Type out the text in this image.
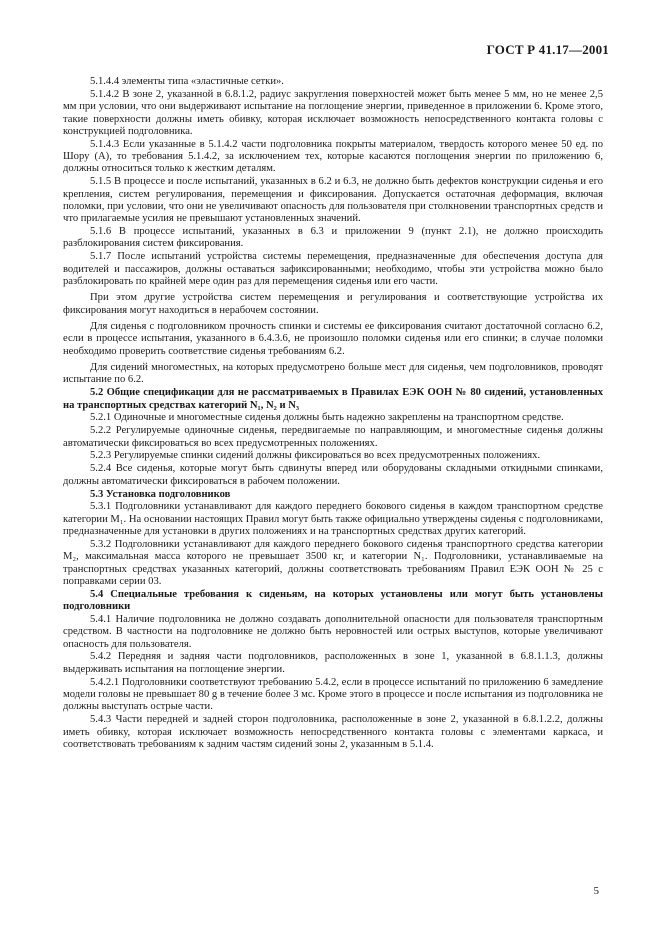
ГОСТ Р 41.17—2001

5.1.4.4 элементы типа «эластичные сетки».

5.1.4.2 В зоне 2, указанной в 6.8.1.2, радиус закругления поверхностей может быть менее 5 мм, но не менее 2,5 мм при условии, что они выдерживают испытание на поглощение энергии, приведенное в приложении 6. Кроме этого, такие поверхности должны иметь обивку, которая исключает возможность непосредственного контакта головы с конструкцией подголовника.

5.1.4.3 Если указанные в 5.1.4.2 части подголовника покрыты материалом, твердость которого менее 50 ед. по Шору (А), то требования 5.1.4.2, за исключением тех, которые касаются поглощения энергии по приложению 6, должны относиться только к жестким деталям.

5.1.5 В процессе и после испытаний, указанных в 6.2 и 6.3, не должно быть дефектов конструкции сиденья и его крепления, систем регулирования, перемещения и фиксирования. Допускается остаточная деформация, включая поломки, при условии, что они не увеличивают опасность для пользователя при столкновении транспортных средств и что прилагаемые усилия не превышают установленных значений.

5.1.6 В процессе испытаний, указанных в 6.3 и приложении 9 (пункт 2.1), не должно происходить разблокирования систем фиксирования.

5.1.7 После испытаний устройства системы перемещения, предназначенные для обеспечения доступа для водителей и пассажиров, должны оставаться зафиксированными; необходимо, чтобы эти устройства можно было разблокировать по крайней мере один раз для перемещения сиденья или его части.

При этом другие устройства систем перемещения и регулирования и соответствующие устройства их фиксирования могут находиться в нерабочем состоянии.

Для сиденья с подголовником прочность спинки и системы ее фиксирования считают достаточной согласно 6.2, если в процессе испытания, указанного в 6.4.3.6, не произошло поломки сиденья или его спинки; в случае поломки необходимо проверить соответствие сиденья требованиям 6.2.

Для сидений многоместных, на которых предусмотрено больше мест для сиденья, чем подголовников, проводят испытание по 6.2.

5.2 Общие спецификации для не рассматриваемых в Правилах ЕЭК ООН № 80 сидений, установленных на транспортных средствах категорий N₁, N₂ и N₃

5.2.1 Одиночные и многоместные сиденья должны быть надежно закреплены на транспортном средстве.

5.2.2 Регулируемые одиночные сиденья, передвигаемые по направляющим, и многоместные сиденья должны автоматически фиксироваться во всех предусмотренных положениях.

5.2.3 Регулируемые спинки сидений должны фиксироваться во всех предусмотренных положениях.

5.2.4 Все сиденья, которые могут быть сдвинуты вперед или оборудованы складными откидными спинками, должны автоматически фиксироваться в рабочем положении.

5.3 Установка подголовников

5.3.1 Подголовники устанавливают для каждого переднего бокового сиденья в каждом транспортном средстве категории M₁. На основании настоящих Правил могут быть также официально утверждены сиденья с подголовниками, предназначенные для установки в других положениях и на транспортных средствах других категорий.

5.3.2 Подголовники устанавливают для каждого переднего бокового сиденья транспортного средства категории M₂, максимальная масса которого не превышает 3500 кг, и категории N₁. Подголовники, устанавливаемые на транспортных средствах указанных категорий, должны соответствовать требованиям Правил ЕЭК ООН № 25 с поправками серии 03.

5.4 Специальные требования к сиденьям, на которых установлены или могут быть установлены подголовники

5.4.1 Наличие подголовника не должно создавать дополнительной опасности для пользователя транспортным средством. В частности на подголовнике не должно быть неровностей или острых выступов, которые увеличивают опасность для пользователя.

5.4.2 Передняя и задняя части подголовников, расположенных в зоне 1, указанной в 6.8.1.1.3, должны выдерживать испытания на поглощение энергии.

5.4.2.1 Подголовники соответствуют требованию 5.4.2, если в процессе испытаний по приложению 6 замедление модели головы не превышает 80 g в течение более 3 мс. Кроме этого в процессе и после испытания из подголовника не должны выступать острые части.

5.4.3 Части передней и задней сторон подголовника, расположенные в зоне 2, указанной в 6.8.1.2.2, должны иметь обивку, которая исключает возможность непосредственного контакта головы с элементами каркаса, и соответствовать требованиям к задним частям сидений зоны 2, указанным в 5.1.4.

5
